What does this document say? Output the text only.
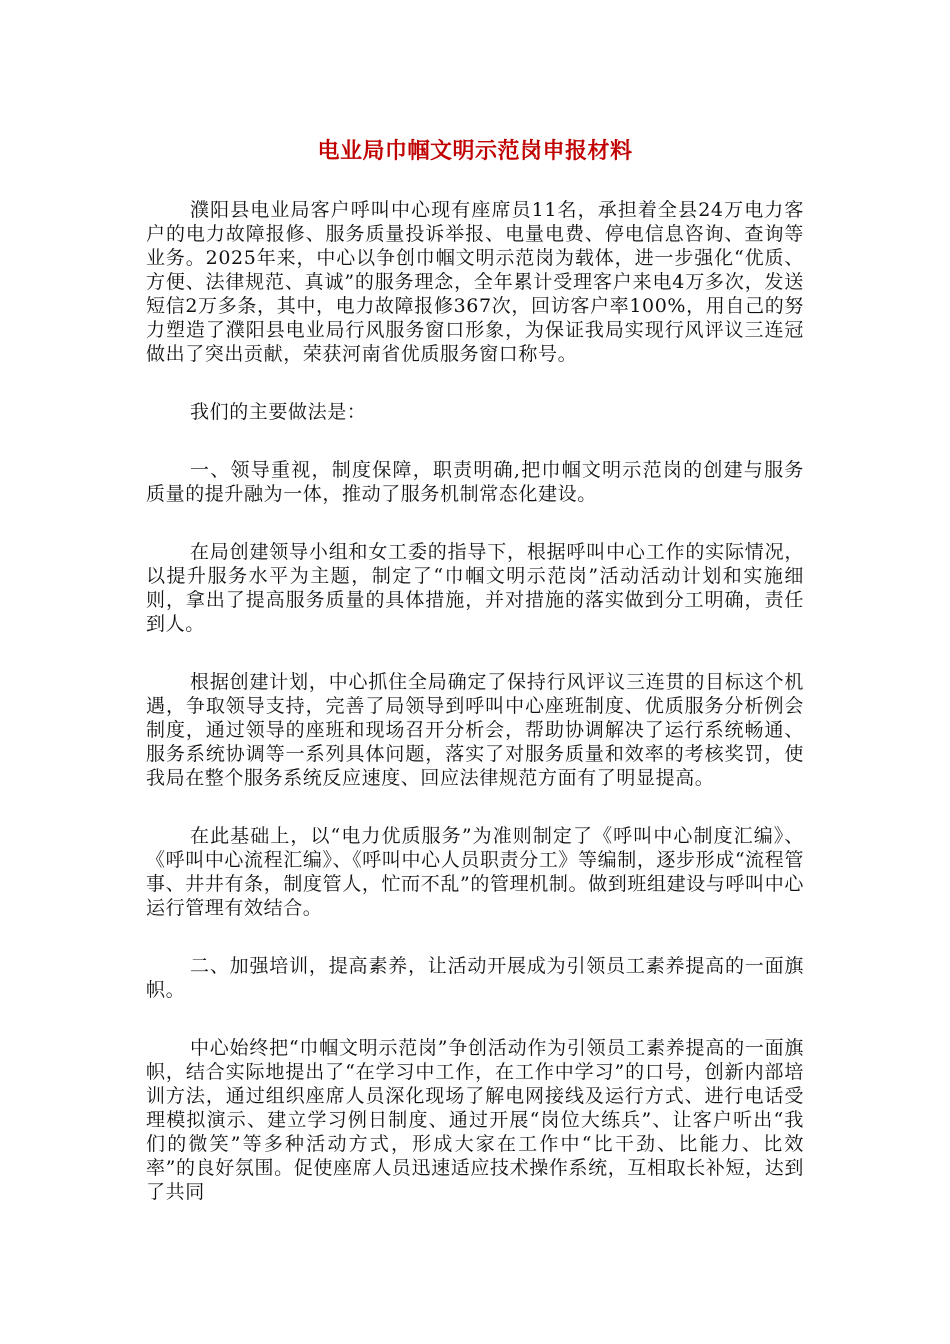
电业局巾帼文明示范岗申报材料

濮阳县电业局客户呼叫中心现有座席员11名，承担着全县24万电力客户的电力故障报修、服务质量投诉举报、电量电费、停电信息咨询、查询等业务。2025年来，中心以争创巾帼文明示范岗为载体，进一步强化“优质、方便、法律规范、真诚”的服务理念，全年累计受理客户来电4万多次，发送短信2万多条，其中，电力故障报修367次，回访客户率100%，用自己的努力塑造了濮阳县电业局行风服务窗口形象，为保证我局实现行风评议三连冠做出了突出贡献，荣获河南省优质服务窗口称号。

我们的主要做法是：

一、领导重视，制度保障，职责明确,把巾帼文明示范岗的创建与服务质量的提升融为一体，推动了服务机制常态化建设。

在局创建领导小组和女工委的指导下，根据呼叫中心工作的实际情况，以提升服务水平为主题，制定了“巾帼文明示范岗”活动活动计划和实施细则，拿出了提高服务质量的具体措施，并对措施的落实做到分工明确，责任到人。

根据创建计划，中心抓住全局确定了保持行风评议三连贯的目标这个机遇，争取领导支持，完善了局领导到呼叫中心座班制度、优质服务分析例会制度，通过领导的座班和现场召开分析会，帮助协调解决了运行系统畅通、服务系统协调等一系列具体问题，落实了对服务质量和效率的考核奖罚，使我局在整个服务系统反应速度、回应法律规范方面有了明显提高。

在此基础上，以“电力优质服务”为准则制定了《呼叫中心制度汇编》、《呼叫中心流程汇编》、《呼叫中心人员职责分工》等编制，逐步形成“流程管事、井井有条，制度管人，忙而不乱”的管理机制。做到班组建设与呼叫中心运行管理有效结合。

二、加强培训，提高素养，让活动开展成为引领员工素养提高的一面旗帜。

中心始终把“巾帼文明示范岗”争创活动作为引领员工素养提高的一面旗帜，结合实际地提出了“在学习中工作，在工作中学习”的口号，创新内部培训方法，通过组织座席人员深化现场了解电网接线及运行方式、进行电话受理模拟演示、建立学习例日制度、通过开展“岗位大练兵”、让客户听出“我们的微笑”等多种活动方式，形成大家在工作中“比干劲、比能力、比效率”的良好氛围。促使座席人员迅速适应技术操作系统，互相取长补短，达到了共同
